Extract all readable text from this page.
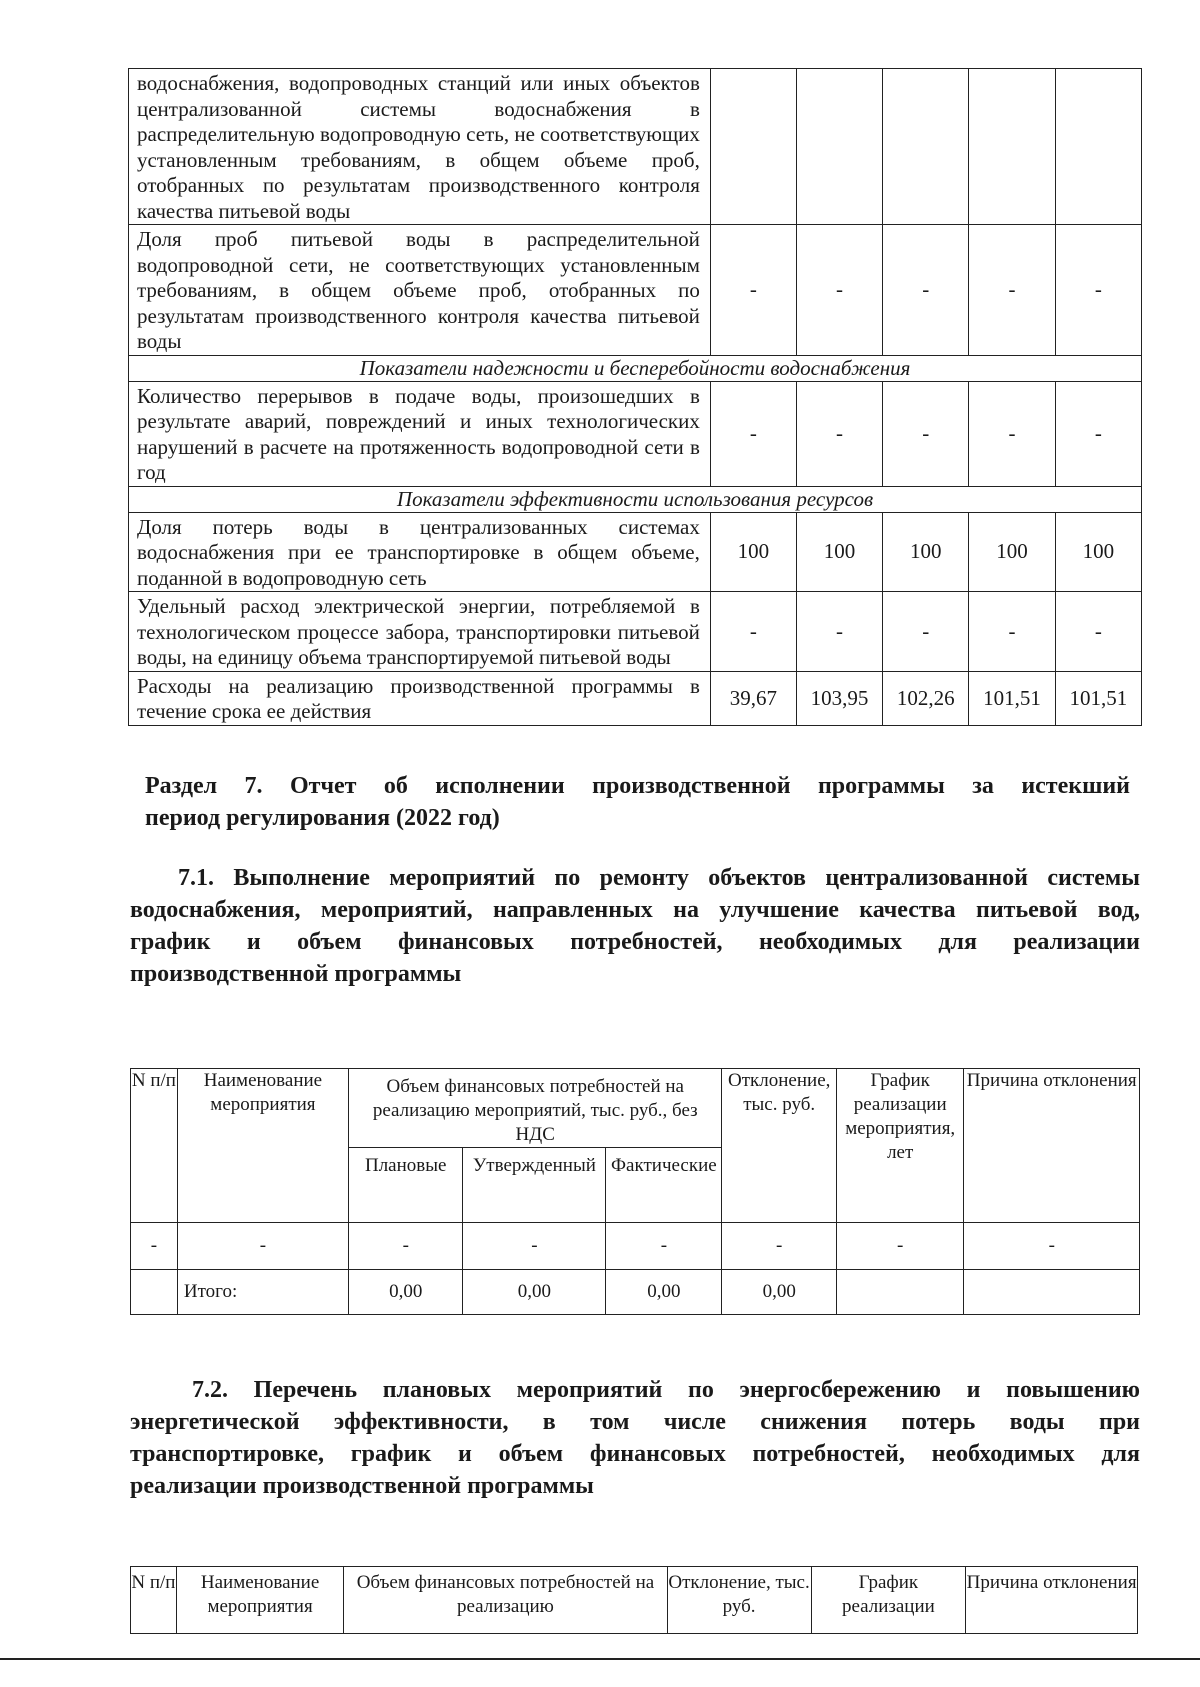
водоснабжения, водопроводных станций или иных объектов централизованной системы водоснабжения в распределительную водопроводную сеть, не соответствующих установленным требованиям, в общем объеме проб, отобранных по результатам производственного контроля качества питьевой воды					
Доля проб питьевой воды в распределительной водопроводной сети, не соответствующих установленным требованиям, в общем объеме проб, отобранных по результатам производственного контроля качества питьевой воды	-	-	-	-	-
Показатели надежности и бесперебойности водоснабжения					
Количество перерывов в подаче воды, произошедших в результате аварий, повреждений и иных технологических нарушений в расчете на протяженность водопроводной сети в год	-	-	-	-	-
Показатели эффективности использования ресурсов					
Доля потерь воды в централизованных системах водоснабжения при ее транспортировке в общем объеме, поданной в водопроводную сеть	100	100	100	100	100
Удельный расход электрической энергии, потребляемой в технологическом процессе забора, транспортировки питьевой воды, на единицу объема транспортируемой питьевой воды	-	-	-	-	-
Расходы на реализацию производственной программы в течение срока ее действия	39,67	103,95	102,26	101,51	101,51
Раздел 7. Отчет об исполнении производственной программы за истекший
период регулирования (2022 год)
7.1. Выполнение мероприятий по ремонту объектов централизованной системы
водоснабжения, мероприятий, направленных на улучшение качества питьевой вод,
график и объем финансовых потребностей, необходимых для реализации
производственной программы
N п/п	Наименование мероприятия	Объем финансовых потребностей на реализацию мероприятий, тыс. руб., без НДС			Отклонение, тыс. руб.	График реализации мероприятия, лет	Причина отклонения
		Плановые	Утвержденный	Фактические			
-	-	-	-	-	-	-	-
	Итого:	0,00	0,00	0,00	0,00		
7.2. Перечень плановых мероприятий по энергосбережению и повышению
энергетической эффективности, в том числе снижения потерь воды при
транспортировке, график и объем финансовых потребностей, необходимых для
реализации производственной программы
N п/п	Наименование мероприятия	Объем финансовых потребностей на реализацию	Отклонение, тыс. руб.	График реализации	Причина отклонения
